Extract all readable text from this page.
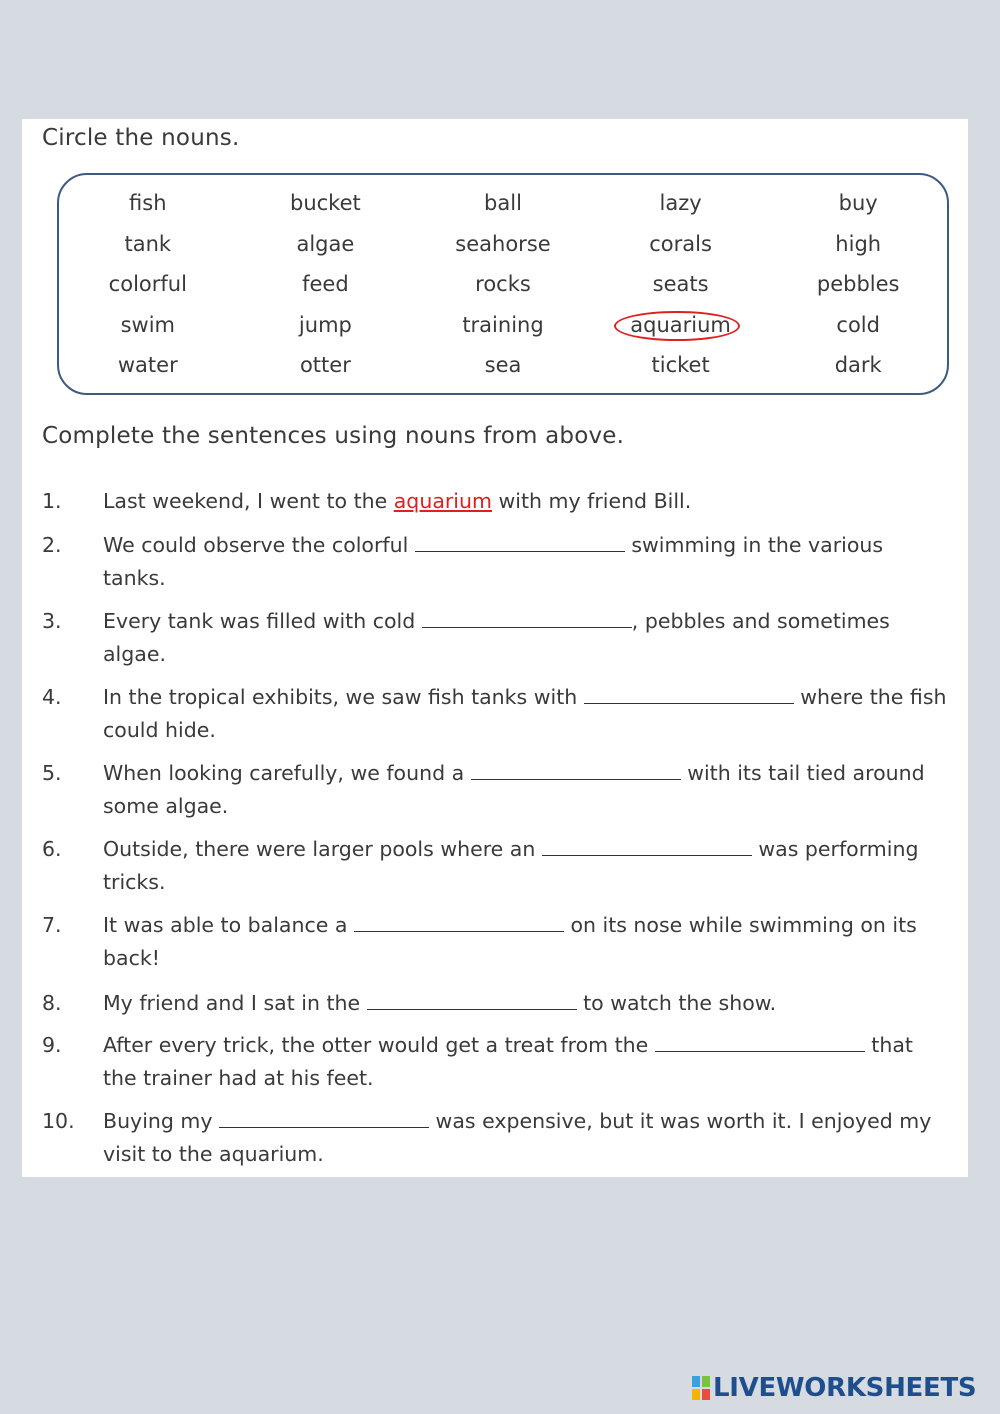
Circle the nouns.
fish	bucket	ball	lazy	buy
tank	algae	seahorse	corals	high
colorful	feed	rocks	seats	pebbles
swim	jump	training	aquarium	cold
water	otter	sea	ticket	dark
Complete the sentences using nouns from above.
1.	Last weekend, I went to the aquarium with my friend Bill.
2.	We could observe the colorful	swimming in the various tanks.
3.	Every tank was filled with cold	, pebbles and sometimes algae.
4.	In the tropical exhibits, we saw fish tanks with	where the fish could hide.
5.	When looking carefully, we found a	with its tail tied around some algae.
6.	Outside, there were larger pools where an	was performing tricks.
7.	It was able to balance a	on its nose while swimming on its back!
8.	My friend and I sat in the	to watch the show.
9.	After every trick, the otter would get a treat from the	that the trainer had at his feet.
10.	Buying my	was expensive, but it was worth it. I enjoyed my visit to the aquarium.
LIVEWORKSHEETS
